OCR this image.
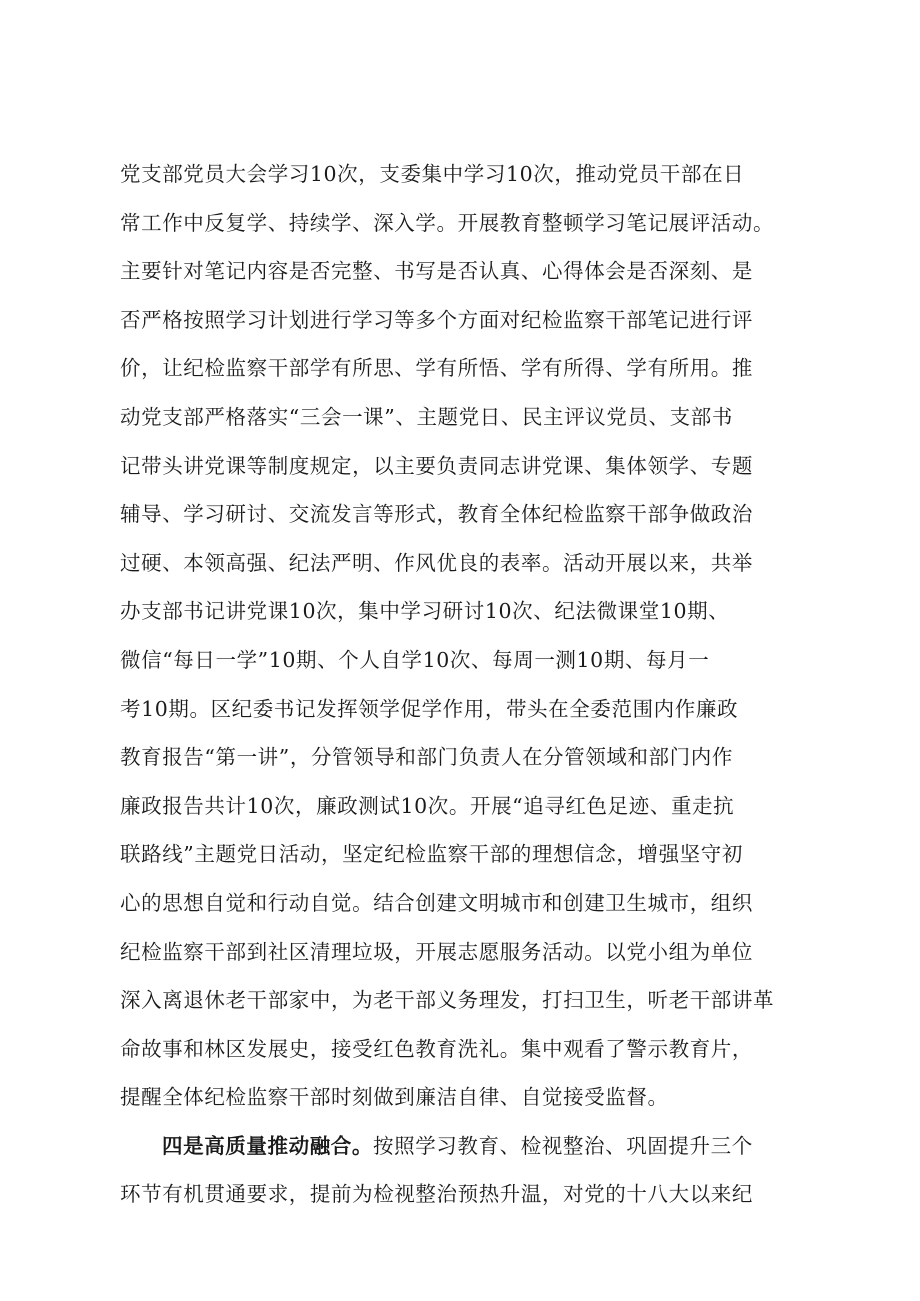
党支部党员大会学习10次，支委集中学习10次，推动党员干部在日
常工作中反复学、持续学、深入学。开展教育整顿学习笔记展评活动。
主要针对笔记内容是否完整、书写是否认真、心得体会是否深刻、是
否严格按照学习计划进行学习等多个方面对纪检监察干部笔记进行评
价，让纪检监察干部学有所思、学有所悟、学有所得、学有所用。推
动党支部严格落实“三会一课”、主题党日、民主评议党员、支部书
记带头讲党课等制度规定，以主要负责同志讲党课、集体领学、专题
辅导、学习研讨、交流发言等形式，教育全体纪检监察干部争做政治
过硬、本领高强、纪法严明、作风优良的表率。活动开展以来，共举
办支部书记讲党课10次，集中学习研讨10次、纪法微课堂10期、
微信“每日一学”10期、个人自学10次、每周一测10期、每月一
考10期。区纪委书记发挥领学促学作用，带头在全委范围内作廉政
教育报告“第一讲”，分管领导和部门负责人在分管领域和部门内作
廉政报告共计10次，廉政测试10次。开展“追寻红色足迹、重走抗
联路线”主题党日活动，坚定纪检监察干部的理想信念，增强坚守初
心的思想自觉和行动自觉。结合创建文明城市和创建卫生城市，组织
纪检监察干部到社区清理垃圾，开展志愿服务活动。以党小组为单位
深入离退休老干部家中，为老干部义务理发，打扫卫生，听老干部讲革
命故事和林区发展史，接受红色教育洗礼。集中观看了警示教育片，
提醒全体纪检监察干部时刻做到廉洁自律、自觉接受监督。
四是高质量推动融合。按照学习教育、检视整治、巩固提升三个
环节有机贯通要求，提前为检视整治预热升温，对党的十八大以来纪
